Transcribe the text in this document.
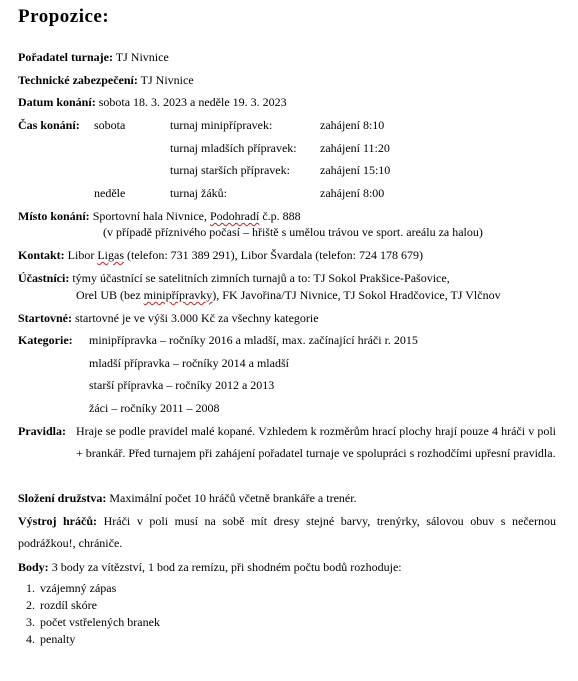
Propozice:
Pořadatel turnaje: TJ Nivnice
Technické zabezpečení: TJ Nivnice
Datum konání: sobota 18. 3. 2023 a neděle 19. 3. 2023
Čas konání: sobota	turnaj minipřípravek:	zahájení 8:10
turnaj mladších přípravek: zahájení 11:20
turnaj starších přípravek:	zahájení 15:10
neděle	turnaj žáků:	zahájení 8:00
Místo konání: Sportovní hala Nivnice, Podohradí č.p. 888
(v případě příznivého počasí – hřiště s umělou trávou ve sport. areálu za halou)
Kontakt: Libor Ligas (telefon: 731 389 291), Libor Švardala (telefon: 724 178 679)
Účastníci: týmy účastnící se satelitních zimních turnajů a to: TJ Sokol Prakšice-Pašovice,
Orel UB (bez minipřípravky), FK Javořina/TJ Nivnice, TJ Sokol Hradčovice, TJ Vlčnov
Startovné: startovné je ve výši 3.000 Kč za všechny kategorie
Kategorie: minipřípravka – ročníky 2016 a mladší, max. začínající hráči r. 2015
mladší přípravka – ročníky 2014 a mladší
starší přípravka – ročníky 2012 a 2013
žáci – ročníky 2011 – 2008
Pravidla: Hraje se podle pravidel malé kopané. Vzhledem k rozměrům hrací plochy hrají pouze 4 hráči v poli + brankář. Před turnajem při zahájení pořadatel turnaje ve spolupráci s rozhodčími upřesní pravidla.
Složení družstva: Maximální počet 10 hráčů včetně brankáře a trenér.
Výstroj hráčů: Hráči v poli musí na sobě mít dresy stejné barvy, trenýrky, sálovou obuv s nečernou podrážkou!, chrániče.
Body: 3 body za vítězství, 1 bod za remízu, při shodném počtu bodů rozhoduje:
1. vzájemný zápas
2. rozdíl skóre
3. počet vstřelených branek
4. penalty
